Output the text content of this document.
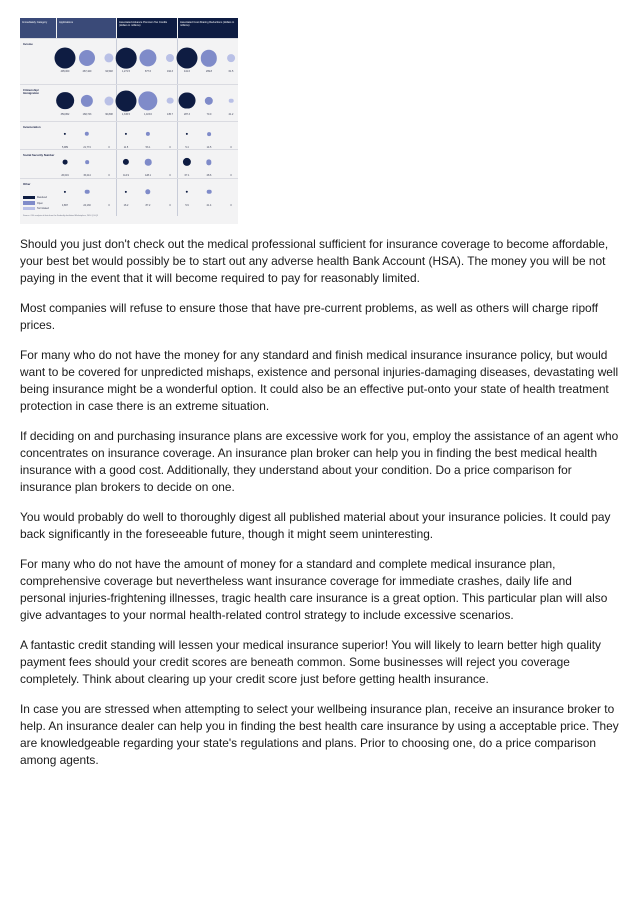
Immediately Category	Applications	Associated Advance Premium Tax Credits (dollars in millions)
Associated Cost-Sharing Reductions (dollars in millions)
Income
495,000	287,420	94,548	1,271.5	877.6	192.3	441.6	269.8	61.5
Citizenship/ Immigration
350,862	168,743	90,808	1,315.5	1,115.6	135.7	287.3	70.0	21.2
Incarceration
5,989	21,774	0	11.5	53.1	0	5.4	14.5	0
Social Security Number
26,019	15,214	0	114.9	128.1	0	67.1	28.6	0
Other
4,867	24,130	0	16.2	87.2	0	5.9	21.4	0
Resolved
Open
Terminated
Source: OIG analysis of data from the Federally-facilitated Marketplace, 2014 Q1-Q3

Should you just don't check out the medical professional sufficient for insurance coverage to become affordable, your best bet would possibly be to start out any adverse health Bank Account (HSA). The money you will be not paying in the event that it will become required to pay for reasonably limited.

Most companies will refuse to ensure those that have pre-current problems, as well as others will charge ripoff prices.

For many who do not have the money for any standard and finish medical insurance insurance policy, but would want to be covered for unpredicted mishaps, existence and personal injuries-damaging diseases, devastating well being insurance might be a wonderful option. It could also be an effective put-onto your state of health treatment protection in case there is an extreme situation.

If deciding on and purchasing insurance plans are excessive work for you, employ the assistance of an agent who concentrates on insurance coverage. An insurance plan broker can help you in finding the best medical health insurance with a good cost. Additionally, they understand about your condition. Do a price comparison for insurance plan brokers to decide on one.

You would probably do well to thoroughly digest all published material about your insurance policies. It could pay back significantly in the foreseeable future, though it might seem uninteresting.

For many who do not have the amount of money for a standard and complete medical insurance plan, comprehensive coverage but nevertheless want insurance coverage for immediate crashes, daily life and personal injuries-frightening illnesses, tragic health care insurance is a great option. This particular plan will also give advantages to your normal health-related control strategy to include excessive scenarios.

A fantastic credit standing will lessen your medical insurance superior! You will likely to learn better high quality payment fees should your credit scores are beneath common. Some businesses will reject you coverage completely. Think about clearing up your credit score just before getting health insurance.

In case you are stressed when attempting to select your wellbeing insurance plan, receive an insurance broker to help. An insurance dealer can help you in finding the best health care insurance by using a acceptable price. They are knowledgeable regarding your state's regulations and plans. Prior to choosing one, do a price comparison among agents.
